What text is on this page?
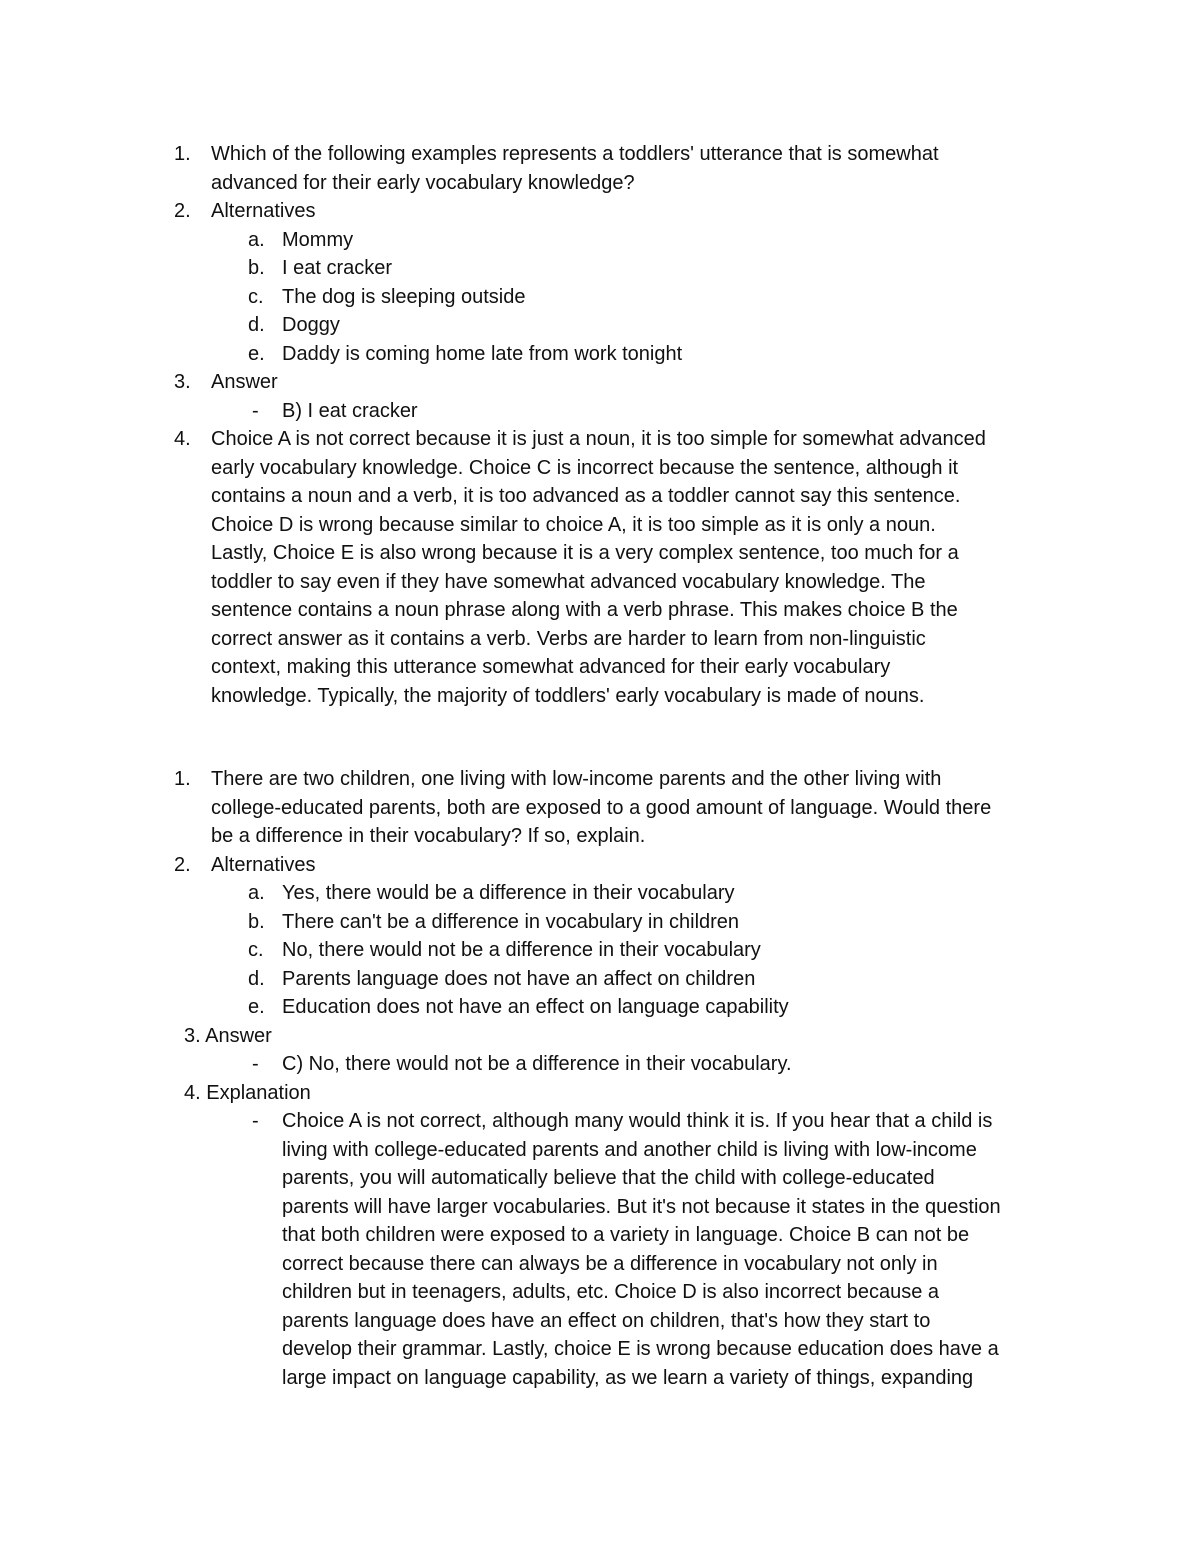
1.	Which of the following examples represents a toddlers' utterance that is somewhat
advanced for their early vocabulary knowledge?
2.	Alternatives
a. Mommy
b. I eat cracker
c. The dog is sleeping outside
d. Doggy
e. Daddy is coming home late from work tonight
3.	Answer
-	B) I eat cracker
4.	Choice A is not correct because it is just a noun, it is too simple for somewhat advanced
early vocabulary knowledge. Choice C is incorrect because the sentence, although it
contains a noun and a verb, it is too advanced as a toddler cannot say this sentence.
Choice D is wrong because similar to choice A, it is too simple as it is only a noun.
Lastly, Choice E is also wrong because it is a very complex sentence, too much for a
toddler to say even if they have somewhat advanced vocabulary knowledge. The
sentence contains a noun phrase along with a verb phrase. This makes choice B the
correct answer as it contains a verb. Verbs are harder to learn from non-linguistic
context, making this utterance somewhat advanced for their early vocabulary
knowledge. Typically, the majority of toddlers' early vocabulary is made of nouns.
1.	There are two children, one living with low-income parents and the other living with
college-educated parents, both are exposed to a good amount of language. Would there
be a difference in their vocabulary? If so, explain.
2.	Alternatives
a. Yes, there would be a difference in their vocabulary
b. There can't be a difference in vocabulary in children
c. No, there would not be a difference in their vocabulary
d. Parents language does not have an affect on children
e. Education does not have an effect on language capability
3. Answer
-	C) No, there would not be a difference in their vocabulary.
4. Explanation
-	Choice A is not correct, although many would think it is. If you hear that a child is
living with college-educated parents and another child is living with low-income
parents, you will automatically believe that the child with college-educated
parents will have larger vocabularies. But it's not because it states in the question
that both children were exposed to a variety in language. Choice B can not be
correct because there can always be a difference in vocabulary not only in
children but in teenagers, adults, etc. Choice D is also incorrect because a
parents language does have an effect on children, that's how they start to
develop their grammar. Lastly, choice E is wrong because education does have a
large impact on language capability, as we learn a variety of things, expanding
